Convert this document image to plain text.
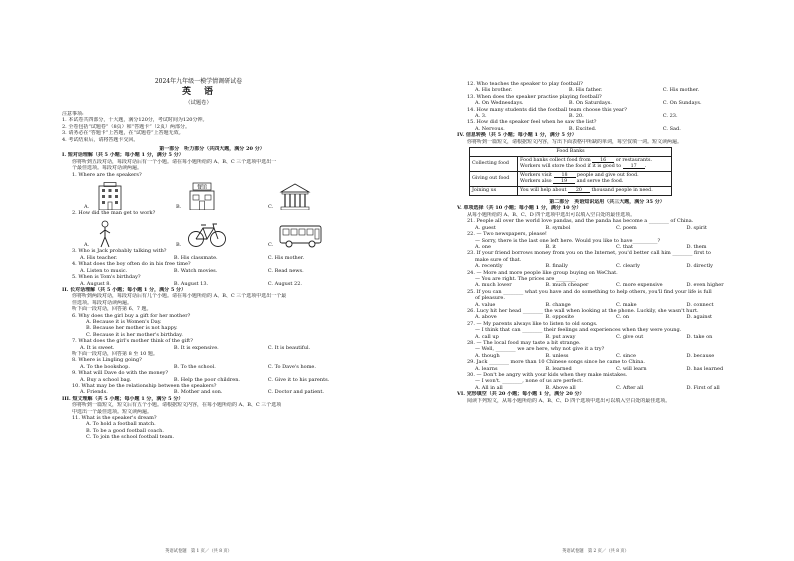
2024年九年级一模学情调研试卷
英　语
（试题卷）
注意事项:
1. 本试卷共四部分，十大题，满分120分，考试时间为120分钟。
2. 全卷包括“试题卷”（8页）和“答题卡”（2页）两部分。
3. 请务必在“答题卡”上答题，在“试题卷”上答题无效。
4. 考试结束后，请将答题卡交回。
第一部分　听力部分（共四大题，满分 20 分）
I. 短对话理解（共 5 小题；每小题 1 分，满分 5 分）
你将听到五段对话，每段对话后有一个小题。请在每小题所给的 A、B、C 三个选项中选出一
个最佳选项。每段对话读两遍。
1. Where are the speakers?
A.	B.
餐馆
C.
2. How did the man get to work?
A.	B.	C.
3. Who is Jack probably talking with?
A. His teacher.	B. His classmate.	C. His mother.
4. What does the boy often do in his free time?
A. Listen to music.	B. Watch movies.	C. Read news.
5. When is Tom's birthday?
A. August 8.	B. August 13.	C. August 22.
II. 长对话理解（共 5 小题；每小题 1 分，满分 5 分）
你将听到两段对话，每段对话后有几个小题。请在每小题所给的 A、B、C 三个选项中选出一个最
佳选项。每段对话读两遍。
听下面一段对话，回答第 6、7 题。
6. Why does the girl buy a gift for her mother?
A. Because it is Women's Day.
B. Because her mother is not happy.
C. Because it is her mother's birthday.
7. What does the girl's mother think of the gift?
A. It is sweet.	B. It is expensive.	C. It is beautiful.
听下面一段对话，回答第 8 至 10 题。
8. Where is Lingling going?
A. To the bookshop.	B. To the school.	C. To Dave's home.
9. What will Dave do with the money?
A. Buy a school bag.	B. Help the poor children.	C. Give it to his parents.
10. What may be the relationship between the speakers?
A. Friends.	B. Mother and son.	C. Doctor and patient.
III. 短文理解（共 5 小题；每小题 1 分，满分 5 分）
你将听到一篇短文，短文后有五个小题。请根据短文内容，在每小题所给的 A、B、C 三个选项
中选出一个最佳选项。短文读两遍。
11. What is the speaker's dream?
A. To hold a football match.
B. To be a good football coach.
C. To join the school football team.
英语试卷题　第 1 页／（共 8 页）
12. Who teaches the speaker to play football?
A. His brother.	B. His father.	C. His mother.
13. When does the speaker practise playing football?
A. On Wednesdays.	B. On Saturdays.	C. On Sundays.
14. How many students did the football team choose this year?
A. 3.	B. 20.	C. 23.
15. How did the speaker feel when he saw the list?
A. Nervous.	B. Excited.	C. Sad.
IV. 信息转换（共 5 小题；每小题 1 分，满分 5 分）
你将听到一篇短文，请根据短文内容，写出下面表格中所缺的单词，每空仅填一词。短文读两遍。
Food Banks	
Collecting food	Food banks collect food from 16 or restaurants.
Workers will store the food if it is good to 17 .
Giving out food	Workers visit 18 people and give out food.
Workers also 19 and serve the food.
Joining us	You will help about 20 thousand people in need.
第二部分　英语知识运用（共三大题，满分 35 分）
V. 单项选择（共 10 小题；每小题 1 分，满分 10 分）
从每小题所给的 A、B、C、D 四个选项中选出可以填入空白处的最佳选项。
21. People all over the world love pandas, and the panda has become a ________ of China.
A. guest	B. symbol	C. poem	D. spirit
22. — Two newspapers, please!
— Sorry, there is the last one left here. Would you like to have__________?
A. one	B. it	C. that	D. them
23. If your friend borrows money from you on the Internet, you'd better call him ________ first to
make sure of that.
A. recently	B. finally	C. clearly	D. directly
24. — More and more people like group buying on WeChat.
— You are right. The prices are ________.
A. much lower	B. much cheaper	C. more expensive	D. even higher
25. If you can ________ what you have and do something to help others, you'll find your life is full
of pleasure.
A. value	B. change	C. make	D. connect
26. Lucy hit her head ________ the wall when looking at the phone. Luckily, she wasn't hurt.
A. above	B. opposite	C. on	D. against
27. — My parents always like to listen to old songs.
— I think that can ________ their feelings and experiences when they were young.
A. call up	B. put away	C. give out	D. take on
28. — The local food may taste a bit strange.
— Well, ________ we are here, why not give it a try?
A. though	B. unless	C. since	D. because
29. Jack ________ more than 10 Chinese songs since he came to China.
A. learns	B. learned	C. will learn	D. has learned
30. — Don't be angry with your kids when they make mistakes.
— I won't. ________, none of us are perfect.
A. All in all	B. Above all	C. After all	D. First of all
VI. 完形填空（共 20 小题；每小题 1 分，满分 20 分）
阅读下列短文，从每小题所给的 A、B、C、D 四个选项中选出可以填入空白处的最佳选项。
英语试卷题　第 2 页／（共 8 页）
